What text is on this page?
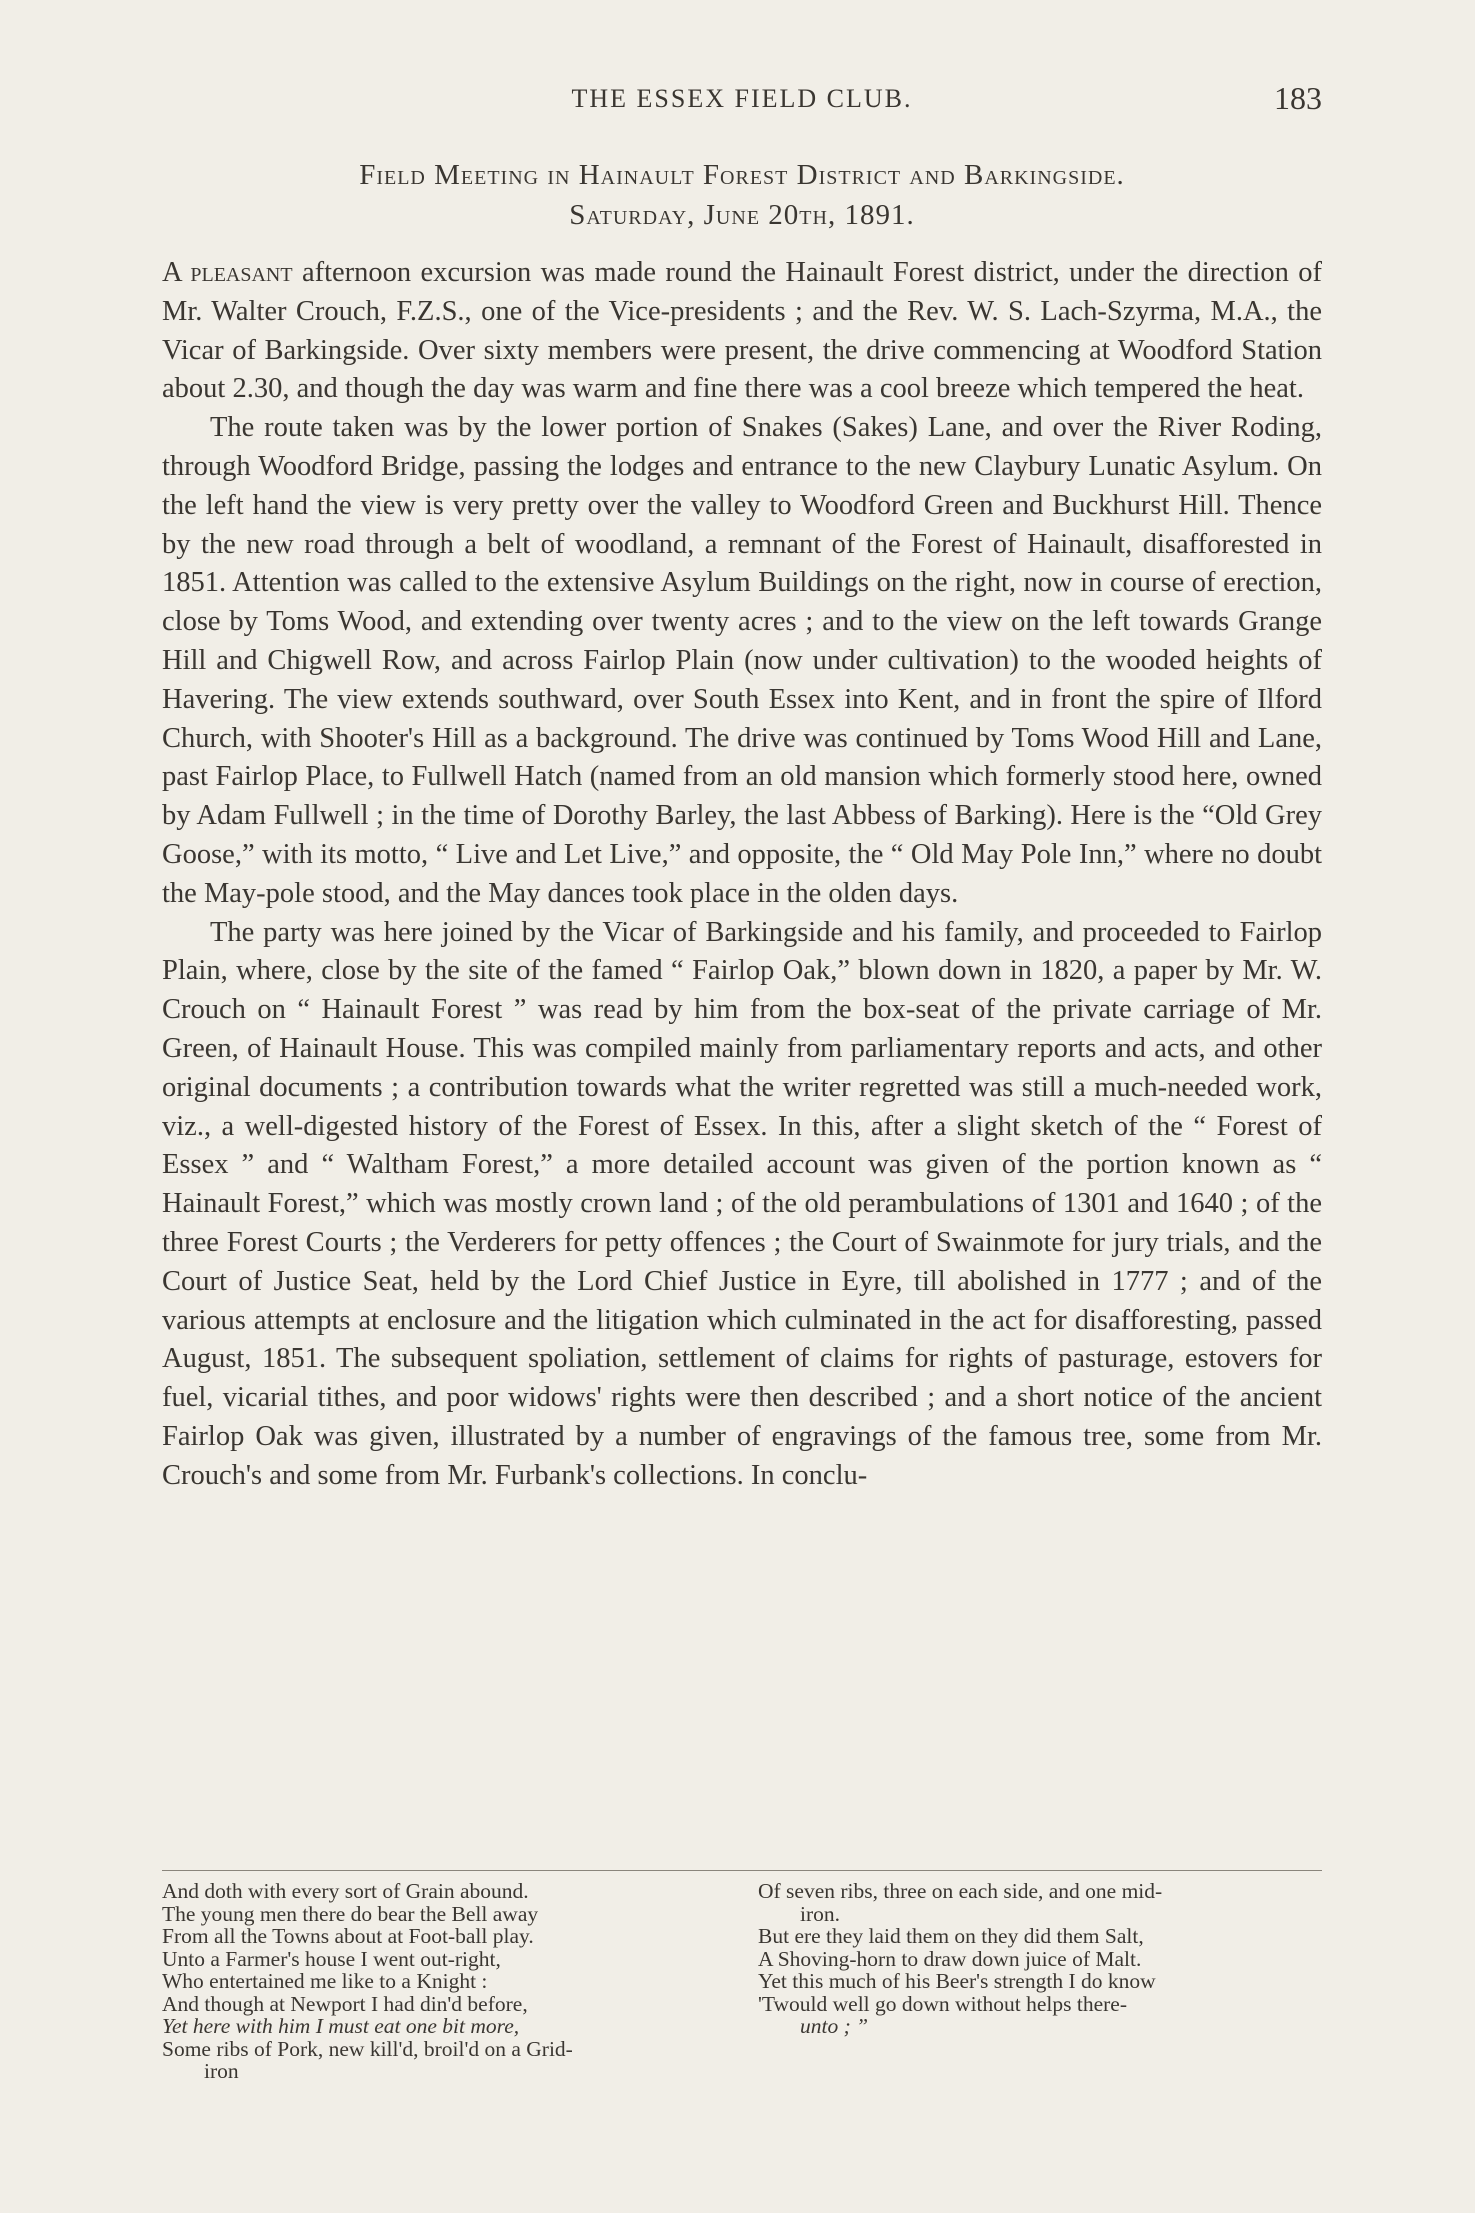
THE ESSEX FIELD CLUB.	183
Field Meeting in Hainault Forest District and Barkingside.
Saturday, June 20th, 1891.

A pleasant afternoon excursion was made round the Hainault Forest district, under the direction of Mr. Walter Crouch, F.Z.S., one of the Vice-presidents ; and the Rev. W. S. Lach-Szyrma, M.A., the Vicar of Barkingside. Over sixty members were present, the drive commencing at Woodford Station about 2.30, and though the day was warm and fine there was a cool breeze which tempered the heat.

The route taken was by the lower portion of Snakes (Sakes) Lane, and over the River Roding, through Woodford Bridge, passing the lodges and entrance to the new Claybury Lunatic Asylum. On the left hand the view is very pretty over the valley to Woodford Green and Buckhurst Hill. Thence by the new road through a belt of woodland, a remnant of the Forest of Hainault, disafforested in 1851. Attention was called to the extensive Asylum Buildings on the right, now in course of erection, close by Toms Wood, and extending over twenty acres ; and to the view on the left towards Grange Hill and Chigwell Row, and across Fairlop Plain (now under cultivation) to the wooded heights of Havering. The view extends southward, over South Essex into Kent, and in front the spire of Ilford Church, with Shooter's Hill as a background. The drive was continued by Toms Wood Hill and Lane, past Fairlop Place, to Fullwell Hatch (named from an old mansion which formerly stood here, owned by Adam Fullwell ; in the time of Dorothy Barley, the last Abbess of Barking). Here is the “Old Grey Goose,” with its motto, “ Live and Let Live,” and opposite, the “ Old May Pole Inn,” where no doubt the May-pole stood, and the May dances took place in the olden days.

The party was here joined by the Vicar of Barkingside and his family, and proceeded to Fairlop Plain, where, close by the site of the famed “ Fairlop Oak,” blown down in 1820, a paper by Mr. W. Crouch on “ Hainault Forest ” was read by him from the box-seat of the private carriage of Mr. Green, of Hainault House. This was compiled mainly from parliamentary reports and acts, and other original documents ; a contribution towards what the writer regretted was still a much-needed work, viz., a well-digested history of the Forest of Essex. In this, after a slight sketch of the “ Forest of Essex ” and “ Waltham Forest,” a more detailed account was given of the portion known as “ Hainault Forest,” which was mostly crown land ; of the old perambulations of 1301 and 1640 ; of the three Forest Courts ; the Verderers for petty offences ; the Court of Swainmote for jury trials, and the Court of Justice Seat, held by the Lord Chief Justice in Eyre, till abolished in 1777 ; and of the various attempts at enclosure and the litigation which culminated in the act for disafforesting, passed August, 1851. The subsequent spoliation, settlement of claims for rights of pasturage, estovers for fuel, vicarial tithes, and poor widows' rights were then described ; and a short notice of the ancient Fairlop Oak was given, illustrated by a number of engravings of the famous tree, some from Mr. Crouch's and some from Mr. Furbank's collections. In conclu-

And doth with every sort of Grain abound.
The young men there do bear the Bell away
From all the Towns about at Foot-ball play.
Unto a Farmer's house I went out-right,
Who entertained me like to a Knight :
And though at Newport I had din'd before,
Yet here with him I must eat one bit more,
Some ribs of Pork, new kill'd, broil'd on a Grid-
iron
Of seven ribs, three on each side, and one mid-
iron.
But ere they laid them on they did them Salt,
A Shoving-horn to draw down juice of Malt.
Yet this much of his Beer's strength I do know
'Twould well go down without helps there-
unto ; ”
